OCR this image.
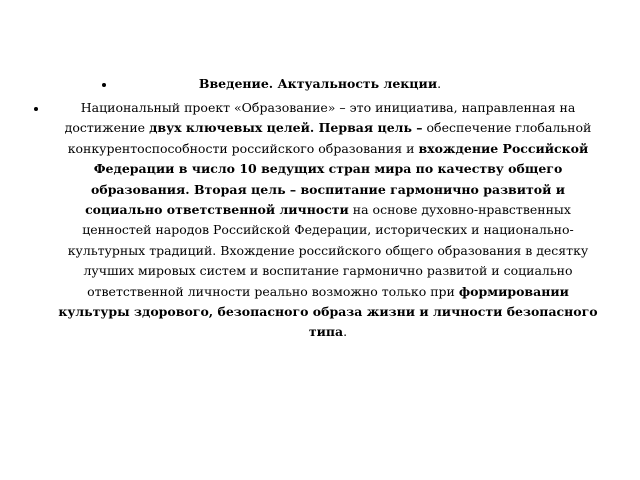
Введение. Актуальность лекции.
Национальный проект «Образование» – это инициатива, направленная на достижение двух ключевых целей. Первая цель – обеспечение глобальной конкурентоспособности российского образования и вхождение Российской Федерации в число 10 ведущих стран мира по качеству общего образования. Вторая цель – воспитание гармонично развитой и социально ответственной личности на основе духовно-нравственных ценностей народов Российской Федерации, исторических и национально-культурных традиций. Вхождение российского общего образования в десятку лучших мировых систем и воспитание гармонично развитой и социально ответственной личности реально возможно только при формировании культуры здорового, безопасного образа жизни и личности безопасного типа.
